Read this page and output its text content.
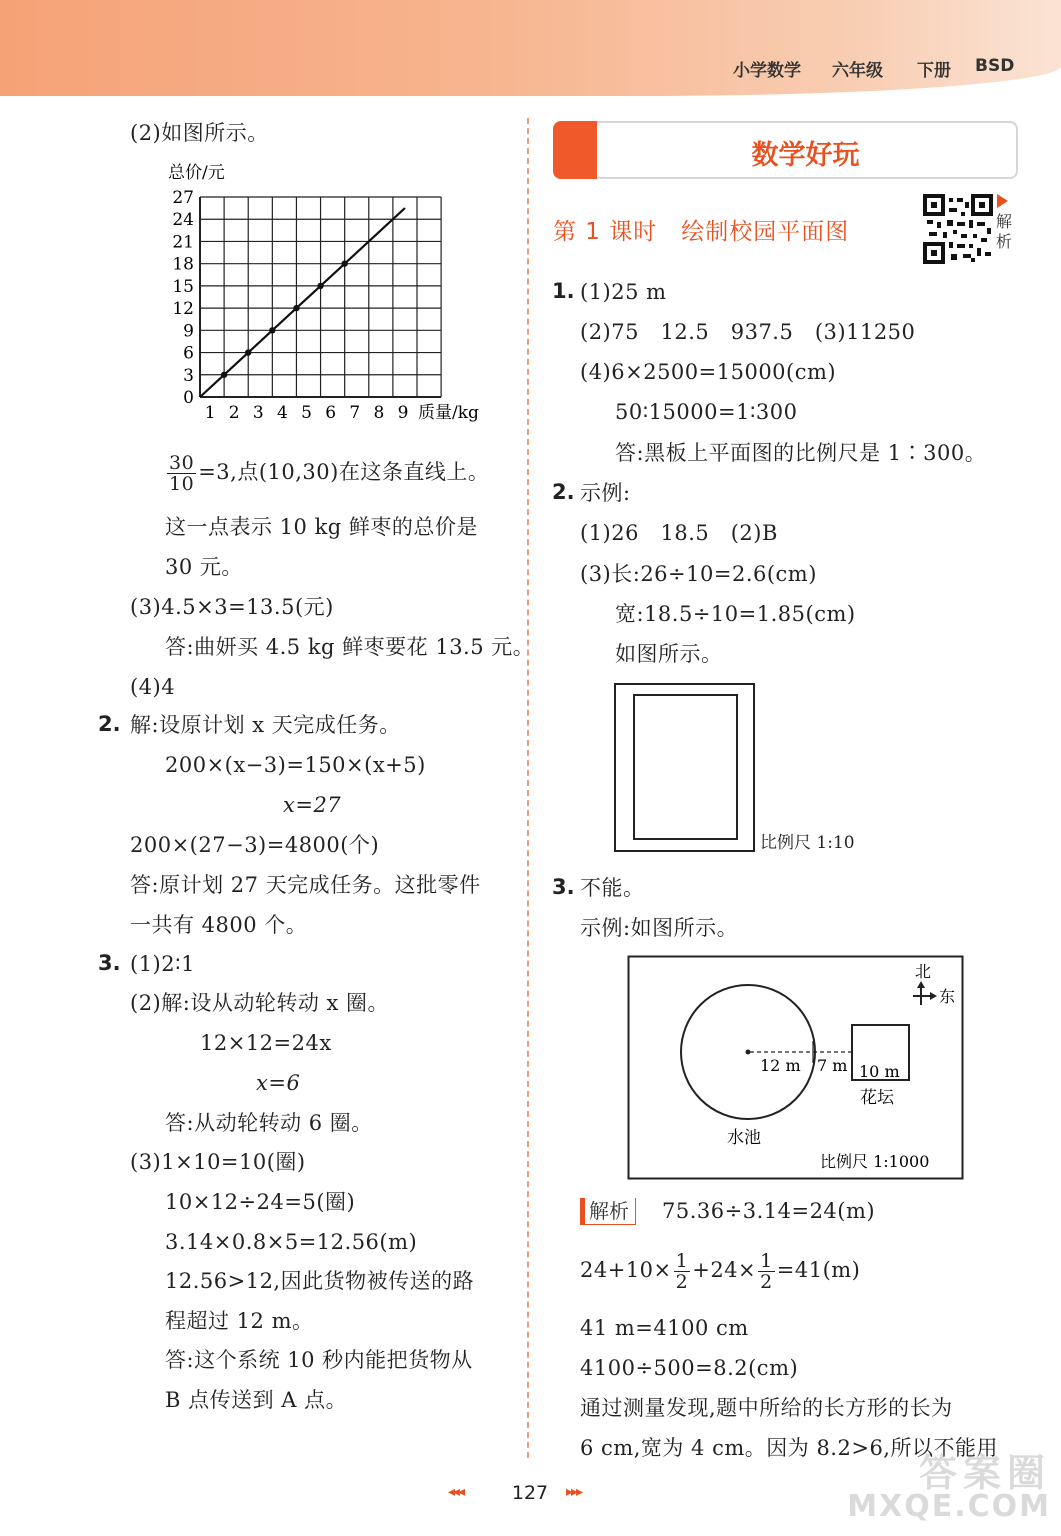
小学数学 六年级 下册 BSD
(2)如图所示。
总价/元
0
3
6
9
12
15
18
21
24
27
1 2 3 4 5 6 7 8 9 质量/kg
$\frac{30}{10} =3$,点(10,30)在这条直线上。
这一点表示 10 kg 鲜枣的总价是
30 元。
(3)4.5×3=13.5(元)
答:曲妍买 4.5 kg 鲜枣要花 13.5 元。
(4)4
2. 解:设原计划 x 天完成任务。
200×(x−3)=150×(x+5)
x=27
200×(27−3)=4800(个)
答:原计划 27 天完成任务。这批零件
一共有 4800 个。
3. (1)2∶1
(2)解:设从动轮转动 x 圈。
12×12=24x
x=6
答:从动轮转动 6 圈。
(3)1×10=10(圈)
10×12÷24=5(圈)
3.14×0.8×5=12.56(m)
12.56>12,因此货物被传送的路
程超过 12 m。
答:这个系统 10 秒内能把货物从
B 点传送到 A 点。
数学好玩
第 1 课时　绘制校园平面图	解析
1. (1)25 m
(2)75　12.5　937.5　(3)11250
(4)6×2500=15000(cm)
50∶15000=1∶300
答:黑板上平面图的比例尺是 1∶300。
2. 示例:
(1)26　18.5　(2)B
(3)长:26÷10=2.6(cm)
宽:18.5÷10=1.85(cm)
如图所示。
比例尺 1:10
3. 不能。
示例:如图所示。
12 m 7 m 10 m
花坛
水池
比例尺 1:1000
北
东
解析	75.36÷3.14=24(m)
$24+10\times \frac{1}{2} +24\times \frac{1}{2} =41(m)$
41 m=4100 cm
4100÷500=8.2(cm)
通过测量发现,题中所给的长方形的长为
6 cm,宽为 4 cm。因为 8.2>6,所以不能用
◂◂◂	127	▸▸▸	答案圈
MXQE.COM
